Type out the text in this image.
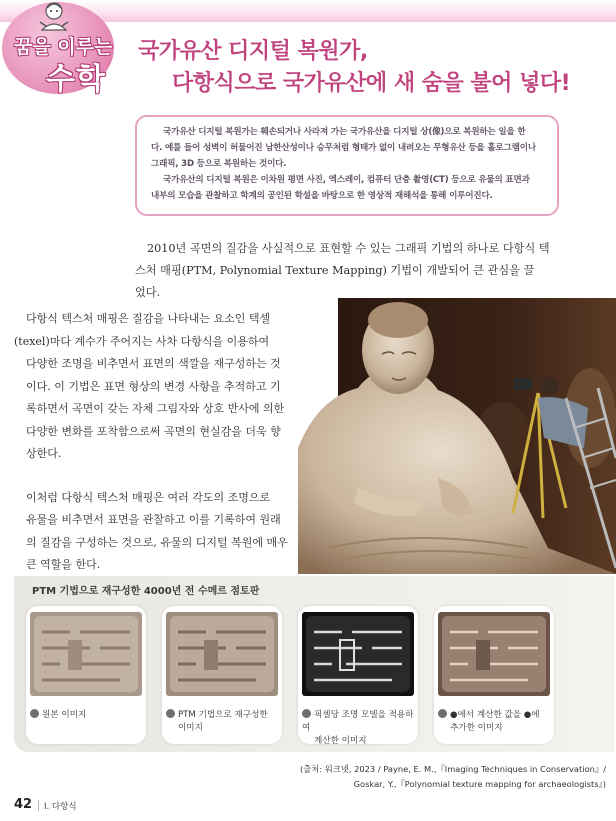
꿈을 이루는
수학
국가유산 디지털 복원가,
다항식으로 국가유산에 새 숨을 불어 넣다!

국가유산 디지털 복원가는 훼손되거나 사라져 가는 국가유산을 디지털 상(像)으로 복원하는 일을 한

다. 예를 들어 성벽이 허물어진 남한산성이나 승무처럼 형태가 없이 내려오는 무형유산 등을 홀로그램이나

그래픽, 3D 등으로 복원하는 것이다.

국가유산의 디지털 복원은 이차원 평면 사진, 엑스레이, 컴퓨터 단층 촬영(CT) 등으로 유물의 표면과

내부의 모습을 관찰하고 학계의 공인된 학설을 바탕으로 한 영상적 재해석을 통해 이루어진다.

2010년 곡면의 질감을 사실적으로 표현할 수 있는 그래픽 기법의 하나로 다항식 텍

스처 매핑(PTM, Polynomial Texture Mapping) 기법이 개발되어 큰 관심을 끌

었다.

다항식 텍스처 매핑은 질감을 나타내는 요소인 텍셀
(texel)마다 계수가 주어지는 사차 다항식을 이용하여
다양한 조명을 비추면서 표면의 색깔을 재구성하는 것
이다. 이 기법은 표면 형상의 변경 사항을 추적하고 기
록하면서 곡면이 갖는 자체 그림자와 상호 반사에 의한
다양한 변화를 포착함으로써 곡면의 현실감을 더욱 향
상한다.

이처럼 다항식 텍스처 매핑은 여러 각도의 조명으로
유물을 비추면서 표면을 관찰하고 이를 기록하여 원래
의 질감을 구성하는 것으로, 유물의 디지털 복원에 매우
큰 역할을 한다.

PTM 기법으로 재구성한 4000년 전 수메르 점토판
원본 이미지	PTM 기법으로 재구성한
이미지
픽셀당 조명 모델을 적용하여
계산한 이미지
●에서 계산한 값을 ●에
추가한 이미지
(출처: 워크넷, 2023 / Payne, E. M.,『Imaging Techniques in Conservation』/
Goskar, Y.,『Polynomial texture mapping for archaeologists』)
42 Ⅰ. 다항식
